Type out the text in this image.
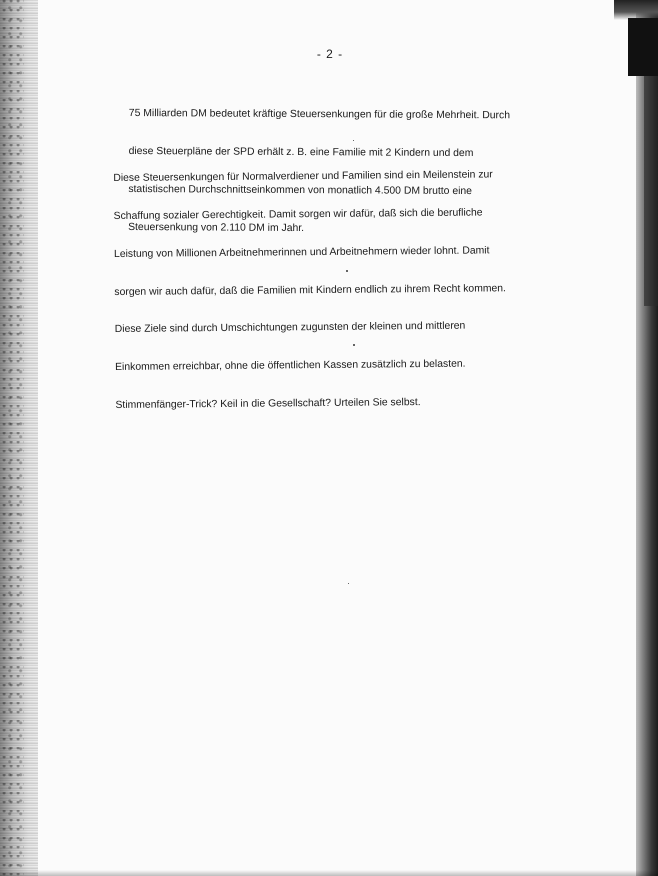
- 2 -

75 Milliarden DM bedeutet kräftige Steuersenkungen für die große Mehrheit. Durch

diese Steuerpläne der SPD erhält z. B. eine Familie mit 2 Kindern und dem

statistischen Durchschnittseinkommen von monatlich 4.500 DM brutto eine

Steuersenkung von 2.110 DM im Jahr.

Diese Steuersenkungen für Normalverdiener und Familien sind ein Meilenstein zur

Schaffung sozialer Gerechtigkeit. Damit sorgen wir dafür, daß sich die berufliche

Leistung von Millionen Arbeitnehmerinnen und Arbeitnehmern wieder lohnt. Damit

sorgen wir auch dafür, daß die Familien mit Kindern endlich zu ihrem Recht kommen.

Diese Ziele sind durch Umschichtungen zugunsten der kleinen und mittleren

Einkommen erreichbar, ohne die öffentlichen Kassen zusätzlich zu belasten.

Stimmenfänger-Trick? Keil in die Gesellschaft? Urteilen Sie selbst.
